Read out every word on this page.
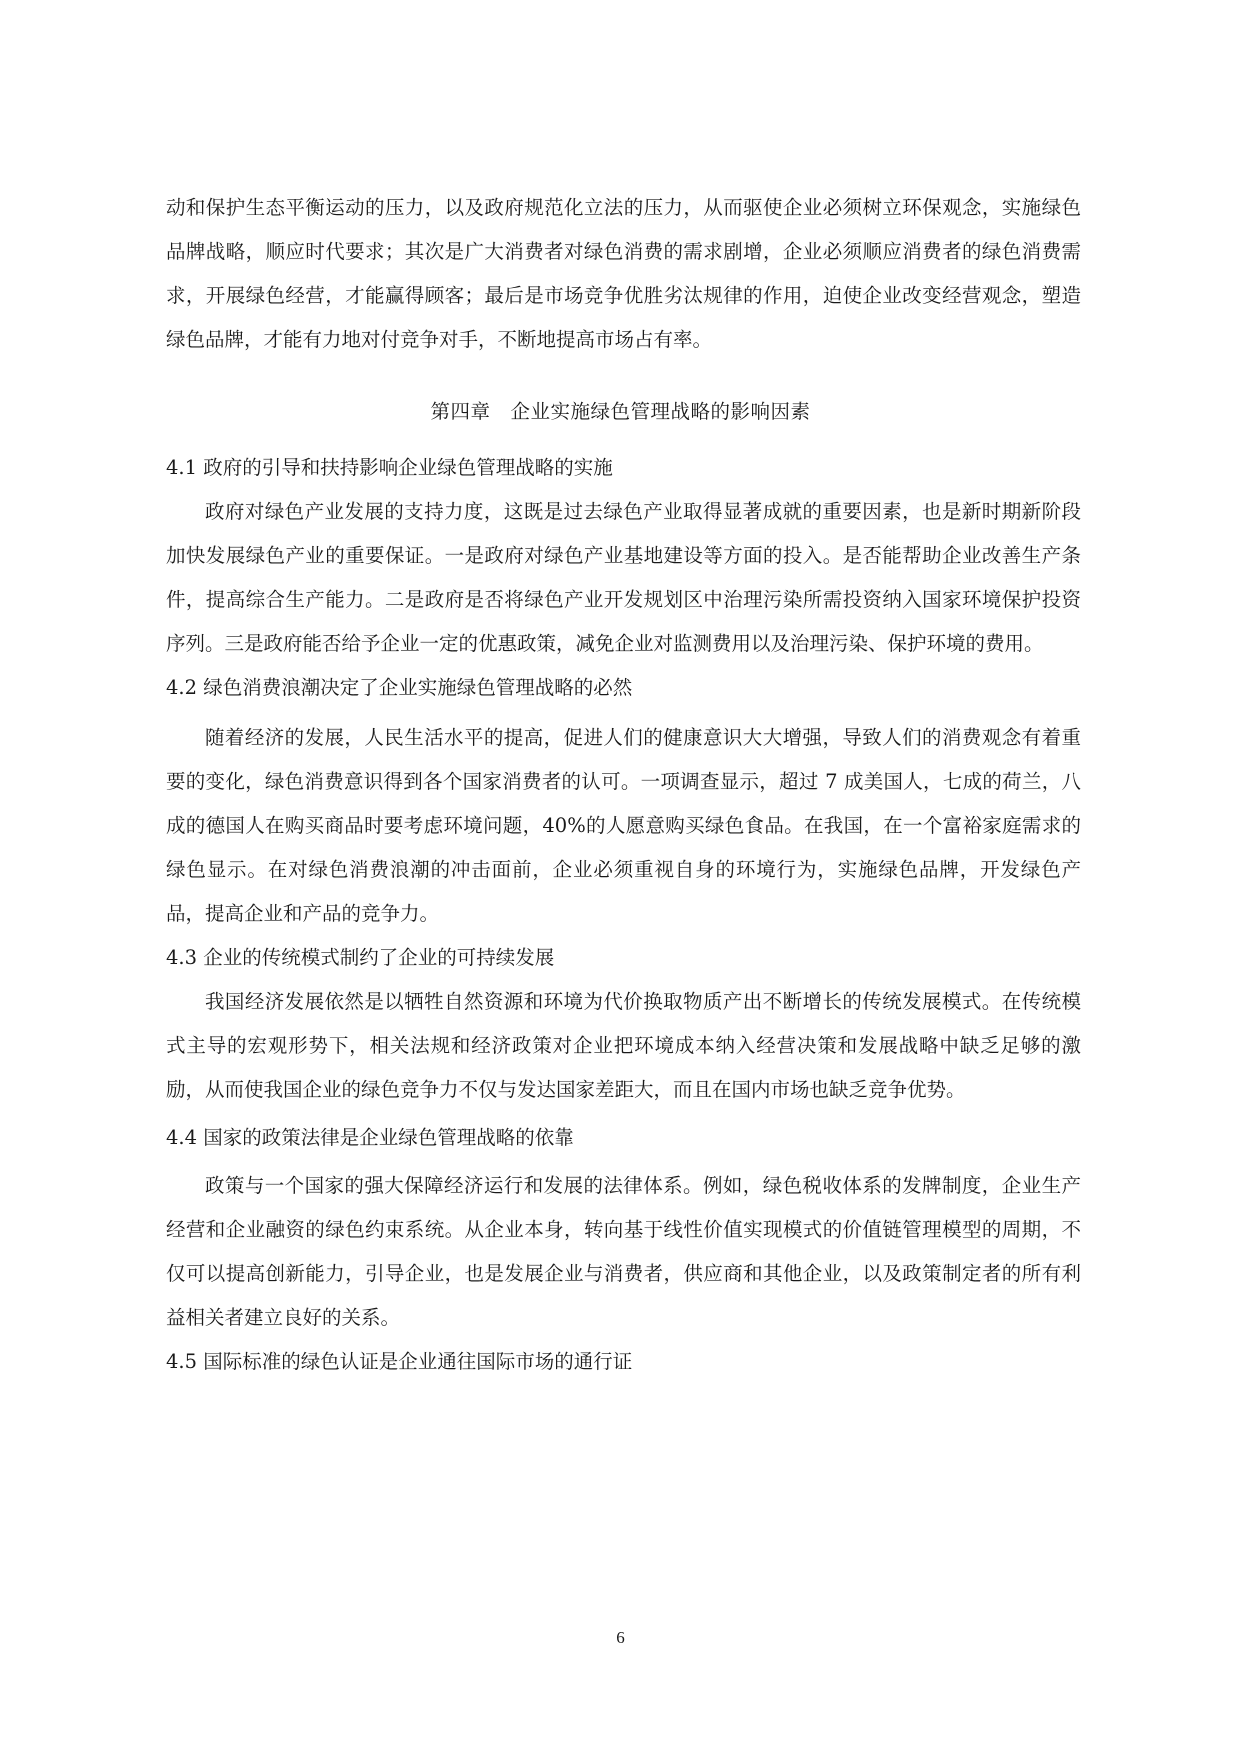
动和保护生态平衡运动的压力，以及政府规范化立法的压力，从而驱使企业必须树立环保观念，实施绿色品牌战略，顺应时代要求；其次是广大消费者对绿色消费的需求剧增，企业必须顺应消费者的绿色消费需求，开展绿色经营，才能赢得顾客；最后是市场竞争优胜劣汰规律的作用，迫使企业改变经营观念，塑造绿色品牌，才能有力地对付竞争对手，不断地提高市场占有率。

第四章　企业实施绿色管理战略的影响因素

4.1 政府的引导和扶持影响企业绿色管理战略的实施

政府对绿色产业发展的支持力度，这既是过去绿色产业取得显著成就的重要因素，也是新时期新阶段加快发展绿色产业的重要保证。一是政府对绿色产业基地建设等方面的投入。是否能帮助企业改善生产条件，提高综合生产能力。二是政府是否将绿色产业开发规划区中治理污染所需投资纳入国家环境保护投资序列。三是政府能否给予企业一定的优惠政策，减免企业对监测费用以及治理污染、保护环境的费用。

4.2 绿色消费浪潮决定了企业实施绿色管理战略的必然

随着经济的发展，人民生活水平的提高，促进人们的健康意识大大增强，导致人们的消费观念有着重要的变化，绿色消费意识得到各个国家消费者的认可。一项调查显示，超过 7 成美国人，七成的荷兰，八成的德国人在购买商品时要考虑环境问题，40%的人愿意购买绿色食品。在我国，在一个富裕家庭需求的绿色显示。在对绿色消费浪潮的冲击面前，企业必须重视自身的环境行为，实施绿色品牌，开发绿色产品，提高企业和产品的竞争力。

4.3 企业的传统模式制约了企业的可持续发展

我国经济发展依然是以牺牲自然资源和环境为代价换取物质产出不断增长的传统发展模式。在传统模式主导的宏观形势下，相关法规和经济政策对企业把环境成本纳入经营决策和发展战略中缺乏足够的激励，从而使我国企业的绿色竞争力不仅与发达国家差距大，而且在国内市场也缺乏竞争优势。

4.4 国家的政策法律是企业绿色管理战略的依靠

政策与一个国家的强大保障经济运行和发展的法律体系。例如，绿色税收体系的发牌制度，企业生产经营和企业融资的绿色约束系统。从企业本身，转向基于线性价值实现模式的价值链管理模型的周期，不仅可以提高创新能力，引导企业，也是发展企业与消费者，供应商和其他企业，以及政策制定者的所有利益相关者建立良好的关系。

4.5 国际标准的绿色认证是企业通往国际市场的通行证

6
